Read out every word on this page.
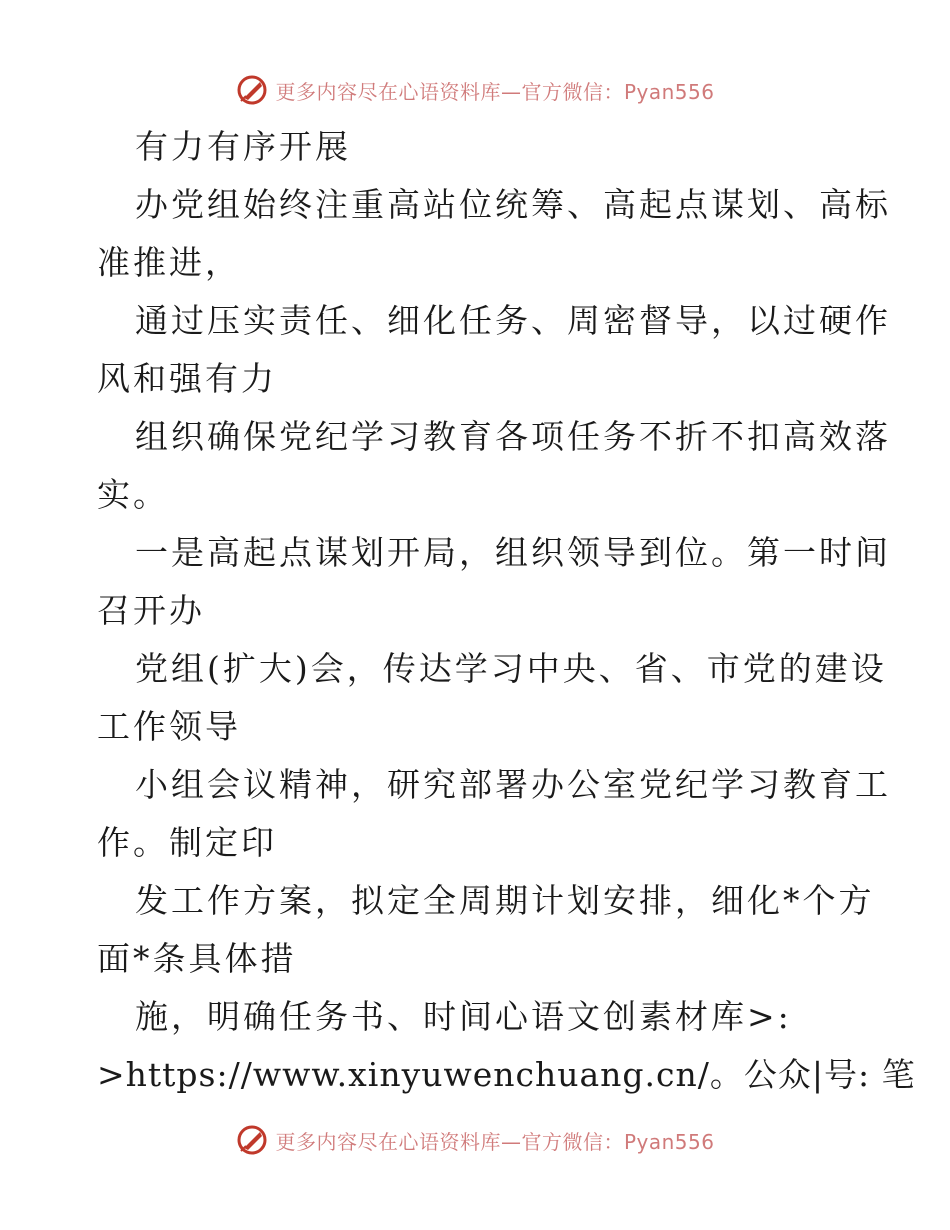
更多内容尽在心语资料库—官方微信：Pyan556
有力有序开展
办党组始终注重高站位统筹、高起点谋划、高标
准推进，
通过压实责任、细化任务、周密督导，以过硬作
风和强有力
组织确保党纪学习教育各项任务不折不扣高效落
实。
一是高起点谋划开局，组织领导到位。第一时间
召开办
党组(扩大)会，传达学习中央、省、市党的建设
工作领导
小组会议精神，研究部署办公室党纪学习教育工
作。制定印
发工作方案，拟定全周期计划安排，细化*个方
面*条具体措
施，明确任务书、时间心语文创素材库>:
>https://www.xinyuwenchuang.cn/。公众|号: 笔
更多内容尽在心语资料库—官方微信：Pyan556
